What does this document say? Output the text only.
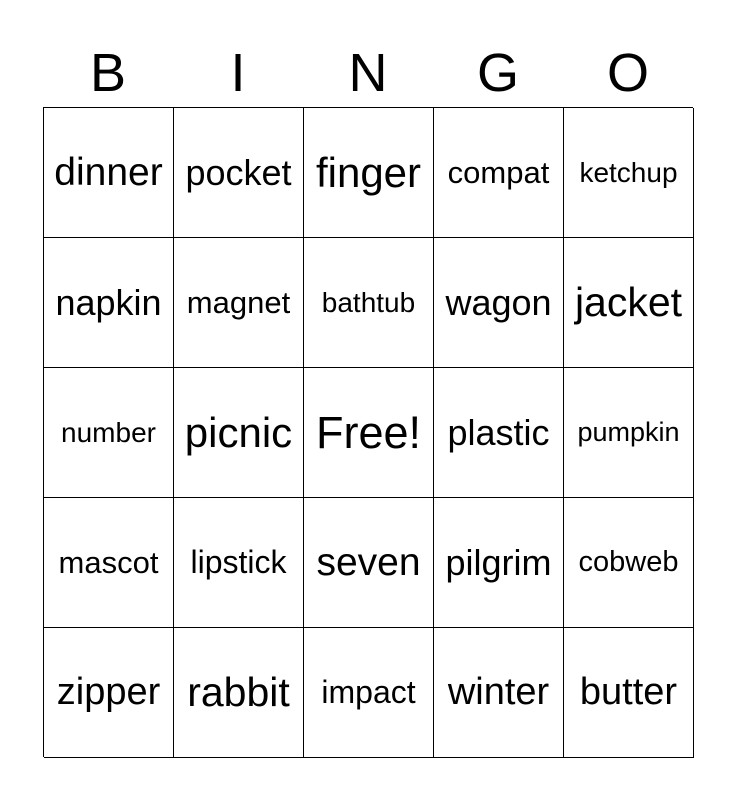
B	I	N	G	O
dinner pocket finger compat	ketchup
napkin magnet	bathtub wagon jacket
number picnic Free! plastic	pumpkin
mascot	lipstick seven pilgrim cobweb
zipper rabbit impact winter butter
